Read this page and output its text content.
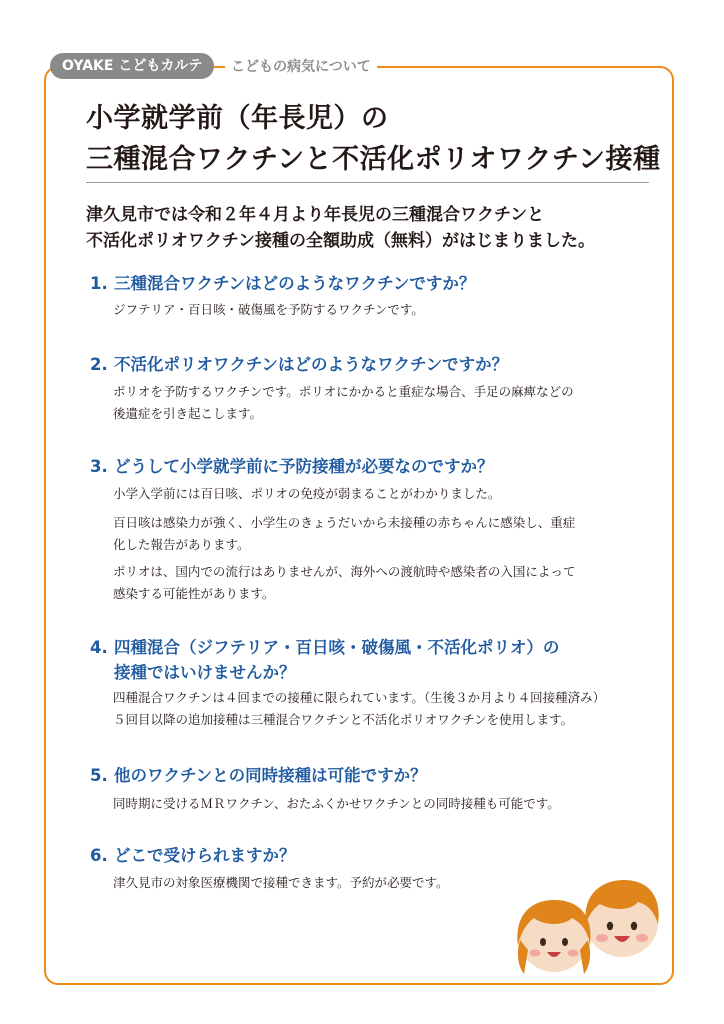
OYAKE こどもカルテ	こどもの病気について
小学就学前（年長児）の
三種混合ワクチンと不活化ポリオワクチン接種
津久見市では令和２年４月より年長児の三種混合ワクチンと
不活化ポリオワクチン接種の全額助成（無料）がはじまりました。
1. 三種混合ワクチンはどのようなワクチンですか？
ジフテリア・百日咳・破傷風を予防するワクチンです。
2. 不活化ポリオワクチンはどのようなワクチンですか？
ポリオを予防するワクチンです。ポリオにかかると重症な場合、手足の麻痺などの
後遺症を引き起こします。
3. どうして小学就学前に予防接種が必要なのですか？
小学入学前には百日咳、ポリオの免疫が弱まることがわかりました。
百日咳は感染力が強く、小学生のきょうだいから未接種の赤ちゃんに感染し、重症
化した報告があります。
ポリオは、国内での流行はありませんが、海外への渡航時や感染者の入国によって
感染する可能性があります。
4. 四種混合（ジフテリア・百日咳・破傷風・不活化ポリオ）の
接種ではいけませんか？
四種混合ワクチンは４回までの接種に限られています。（生後３か月より４回接種済み）
５回目以降の追加接種は三種混合ワクチンと不活化ポリオワクチンを使用します。
5. 他のワクチンとの同時接種は可能ですか？
同時期に受けるＭＲワクチン、おたふくかせワクチンとの同時接種も可能です。
6. どこで受けられますか？
津久見市の対象医療機関で接種できます。予約が必要です。
